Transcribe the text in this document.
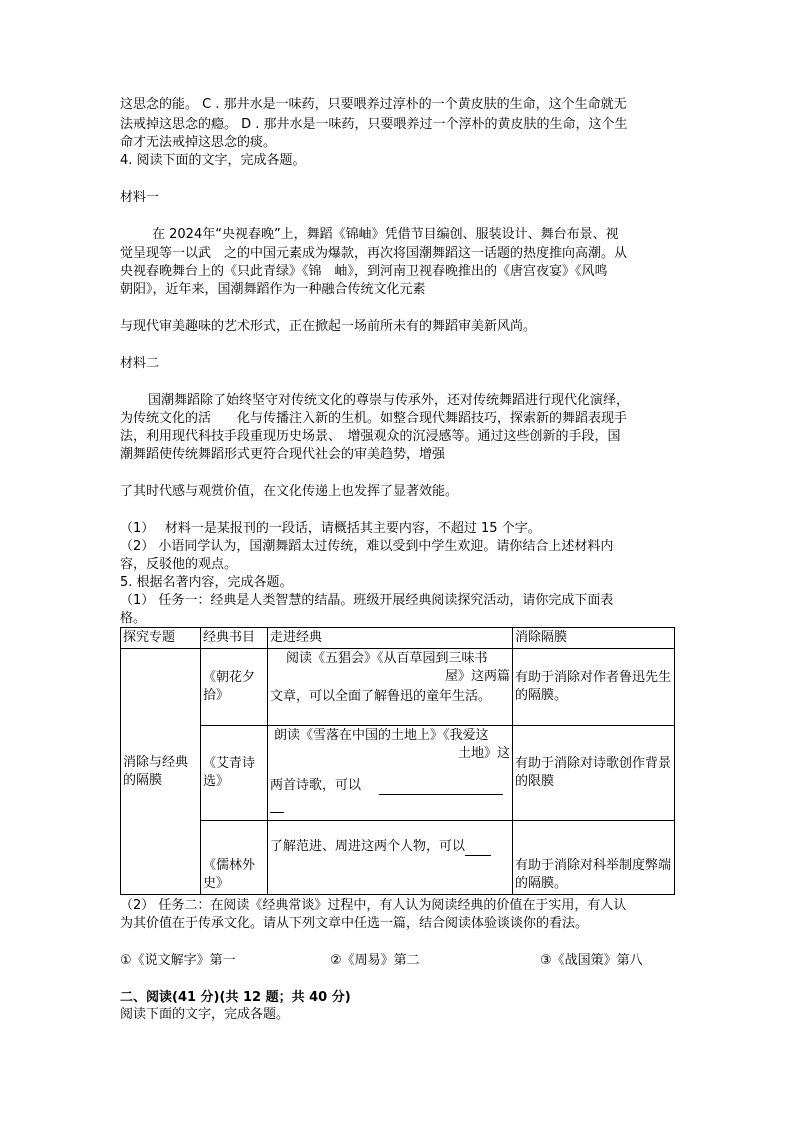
这思念的能。 C . 那井水是一味药，只要喂养过淳朴的一个黄皮肤的生命，这个生命就无
法戒掉这思念的瘾。 D . 那井水是一味药，只要喂养过一个淳朴的黄皮肤的生命，这个生
命才无法戒掉这思念的痰。
4. 阅读下面的文字，完成各题。
材料一
在 2024年“央视春晚”上，舞蹈《锦岫》凭借节目编创、服装设计、舞台布景、视
觉呈现等一以武　之的中国元素成为爆款，再次将国潮舞蹈这一话题的热度推向高潮。从
央视春晚舞台上的《只此青绿》《锦　岫》，到河南卫视春晚推出的《唐宫夜宴》《风鸣
朝阳》，近年来，国潮舞蹈作为一种融合传统文化元素
与现代审美趣味的艺术形式，正在掀起一场前所未有的舞蹈审美新风尚。
材料二
国潮舞蹈除了始终坚守对传统文化的尊崇与传承外，还对传统舞蹈进行现代化演绎，
为传统文化的活　　化与传播注入新的生机。如整合现代舞蹈技巧，探索新的舞蹈表现手
法，利用现代科技手段重现历史场景、　增强观众的沉浸感等。通过这些创新的手段，国
潮舞蹈使传统舞蹈形式更符合现代社会的审美趋势，增强
了其时代感与观赏价值，在文化传递上也发挥了显著效能。
（1）　 材料一是某报刊的一段话，请概括其主要内容，不超过 15 个字。
（2） 小语同学认为，国潮舞蹈太过传统，难以受到中学生欢迎。请你结合上述材料内
容，反驳他的观点。
5. 根据名著内容，完成各题。
（1） 任务一：经典是人类智慧的结晶。班级开展经典阅读探究活动，请你完成下面表
格。
探究专题	经典书目	走进经典	消除隔膜
消除与经典的隔膜	《朝花夕拾》	阅读《五猖会》《从百草园到三味书
屋》这两篇
文章，可以全面了解鲁迅的童年生活。	有助于消除对作者鲁迅先生的隔膜。
	《艾青诗选》	朗读《雪落在中国的土地上》《我爱这
土地》这
两首诗歌，可以	有助于消除对诗歌创作背景的限膜
	《儒林外史》	了解范进、周进这两个人物，可以	有助于消除对科举制度弊端的隔膜。
（2） 任务二：在阅读《经典常谈》过程中，有人认为阅读经典的价值在于实用，有人认
为其价值在于传承文化。请从下列文章中任选一篇，结合阅读体验谈谈你的看法。
①《说文解字》第一	②《周易》第二	③《战国策》第八
二、阅读(41 分)(共 12 题；共 40 分)
阅读下面的文字，完成各题。
